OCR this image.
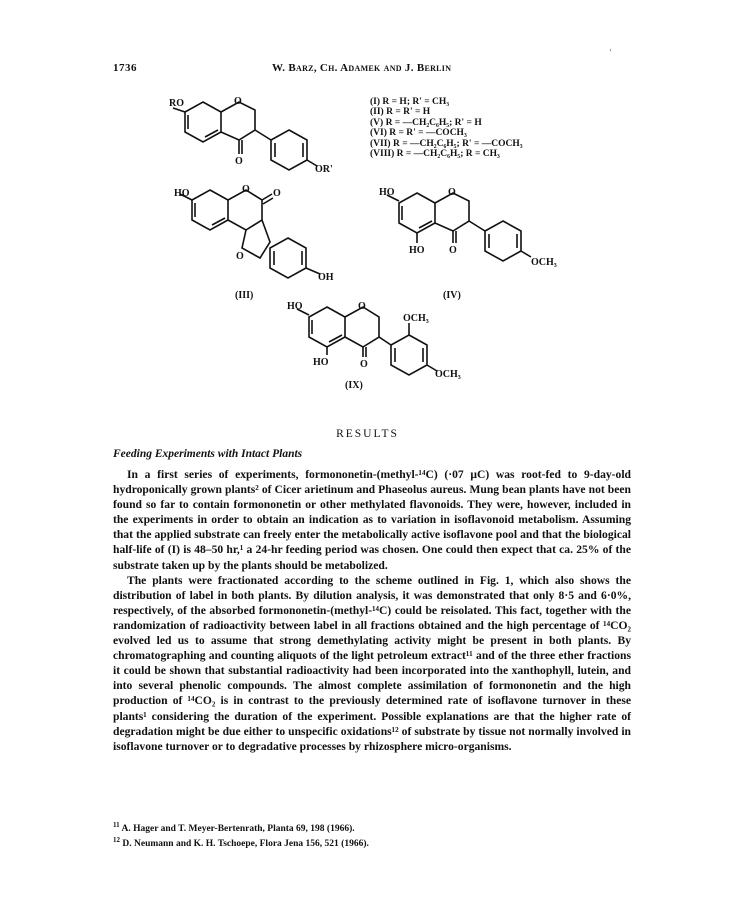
1736	W. Barz, Ch. Adamek and J. Berlin
‘
RO	O
O
OR'
(I) R = H; R' = CH₃
(II) R = R' = H
(V) R = —CH₂C₆H₅; R' = H
(VI) R = R' = —COCH₃
(VII) R = —CH₂C₆H₅; R' = —COCH₃
(VIII) R = —CH₂C₆H₅; R = CH₃
HO	O O
O
OH
(III)
HO	O
HO O
OCH₃
(IV)
HO	O
HO	O
OCH₃
OCH₃
(IX)
RESULTS
Feeding Experiments with Intact Plants

In a first series of experiments, formononetin-(methyl-¹⁴C) (·07 μC) was root-fed to 9-day-old hydroponically grown plants² of Cicer arietinum and Phaseolus aureus. Mung bean plants have not been found so far to contain formononetin or other methylated flavonoids. They were, however, included in the experiments in order to obtain an indication as to variation in isoflavonoid metabolism. Assuming that the applied substrate can freely enter the metabolically active isoflavone pool and that the biological half-life of (I) is 48–50 hr,¹ a 24-hr feeding period was chosen. One could then expect that ca. 25% of the substrate taken up by the plants should be metabolized.

The plants were fractionated according to the scheme outlined in Fig. 1, which also shows the distribution of label in both plants. By dilution analysis, it was demonstrated that only 8·5 and 6·0%, respectively, of the absorbed formononetin-(methyl-¹⁴C) could be reisolated. This fact, together with the randomization of radioactivity between label in all fractions obtained and the high percentage of ¹⁴CO₂ evolved led us to assume that strong demethylating activity might be present in both plants. By chromatographing and counting aliquots of the light petroleum extract¹¹ and of the three ether fractions it could be shown that substantial radioactivity had been incorporated into the xanthophyll, lutein, and into several phenolic compounds. The almost complete assimilation of formononetin and the high production of ¹⁴CO₂ is in contrast to the previously determined rate of isoflavone turnover in these plants¹ considering the duration of the experiment. Possible explanations are that the higher rate of degradation might be due either to unspecific oxidations¹² of substrate by tissue not normally involved in isoflavone turnover or to degradative processes by rhizosphere micro-organisms.

$^{11}$ A. Hager and T. Meyer-Bertenrath, Planta 69, 198 (1966).
$^{12}$ D. Neumann and K. H. Tschoepe, Flora Jena 156, 521 (1966).
